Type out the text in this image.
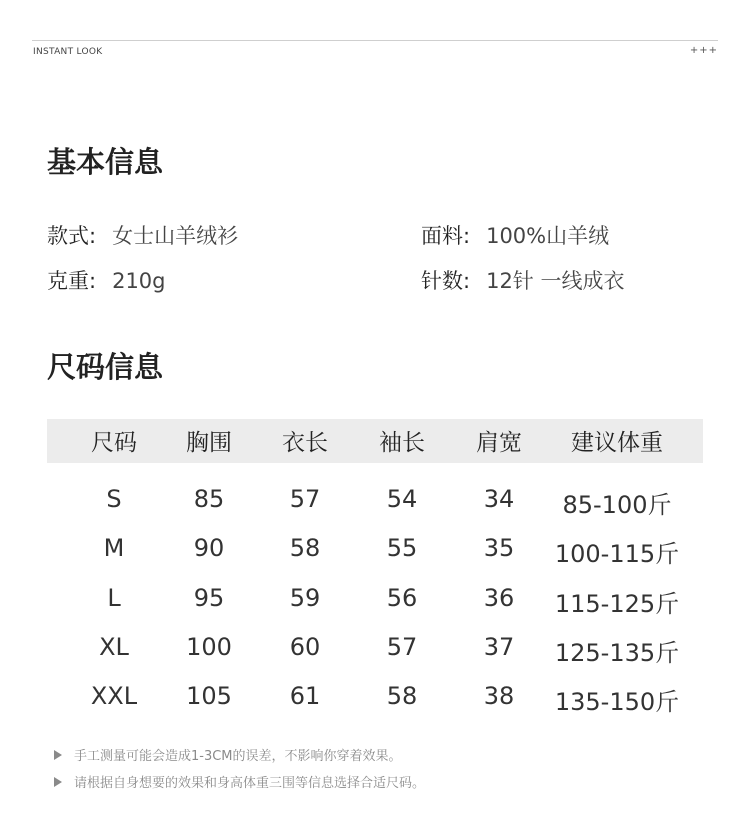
INSTANT LOOK	+++
基本信息
款式: 女士山羊绒衫	面料: 100%山羊绒
克重: 210g	针数: 12针 一线成衣
尺码信息
尺码	胸围	衣长	袖长	肩宽	建议体重
S	85	57	54	34	85-100斤
M	90	58	55	35	100-115斤
L	95	59	56	36	115-125斤
XL	100	60	57	37	125-135斤
XXL	105	61	58	38	135-150斤
手工测量可能会造成1-3CM的误差，不影响你穿着效果。
请根据自身想要的效果和身高体重三围等信息选择合适尺码。
